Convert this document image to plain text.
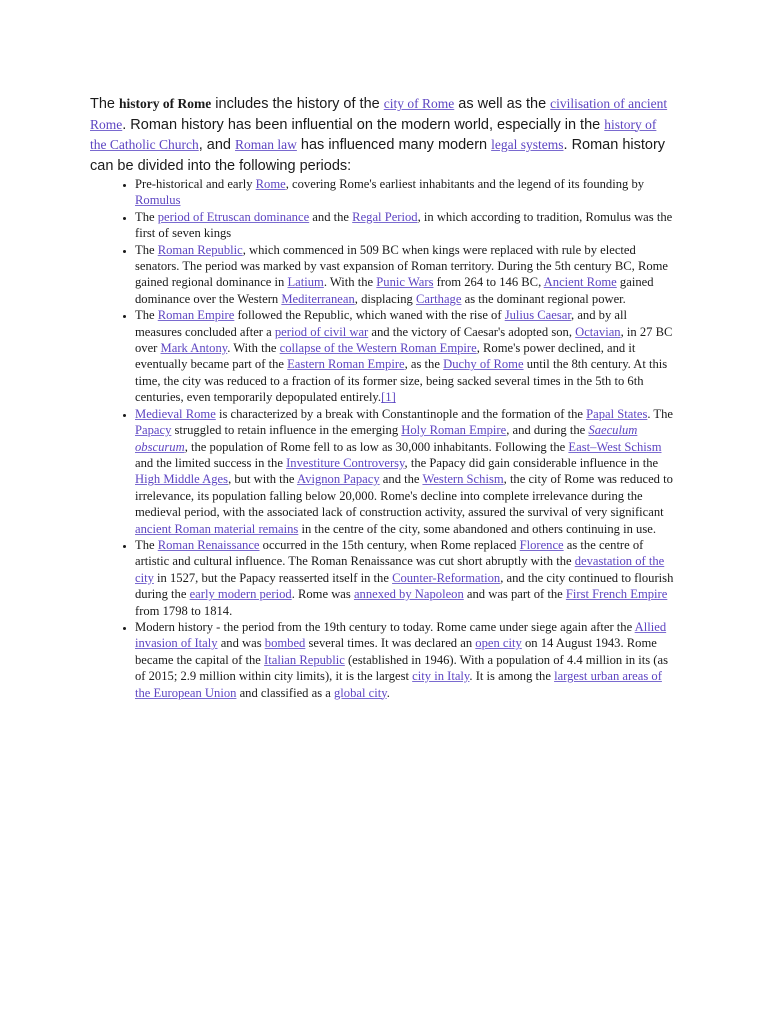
The history of Rome includes the history of the city of Rome as well as the civilisation of ancient Rome. Roman history has been influential on the modern world, especially in the history of the Catholic Church, and Roman law has influenced many modern legal systems. Roman history can be divided into the following periods:

• Pre-historical and early Rome, covering Rome's earliest inhabitants and the legend of its founding by Romulus
• The period of Etruscan dominance and the Regal Period, in which according to tradition, Romulus was the first of seven kings
• The Roman Republic, which commenced in 509 BC when kings were replaced with rule by elected senators. The period was marked by vast expansion of Roman territory. During the 5th century BC, Rome gained regional dominance in Latium. With the Punic Wars from 264 to 146 BC, Ancient Rome gained dominance over the Western Mediterranean, displacing Carthage as the dominant regional power.
• The Roman Empire followed the Republic, which waned with the rise of Julius Caesar, and by all measures concluded after a period of civil war and the victory of Caesar's adopted son, Octavian, in 27 BC over Mark Antony. With the collapse of the Western Roman Empire, Rome's power declined, and it eventually became part of the Eastern Roman Empire, as the Duchy of Rome until the 8th century. At this time, the city was reduced to a fraction of its former size, being sacked several times in the 5th to 6th centuries, even temporarily depopulated entirely.[1]
• Medieval Rome is characterized by a break with Constantinople and the formation of the Papal States. The Papacy struggled to retain influence in the emerging Holy Roman Empire, and during the Saeculum obscurum, the population of Rome fell to as low as 30,000 inhabitants. Following the East–West Schism and the limited success in the Investiture Controversy, the Papacy did gain considerable influence in the High Middle Ages, but with the Avignon Papacy and the Western Schism, the city of Rome was reduced to irrelevance, its population falling below 20,000. Rome's decline into complete irrelevance during the medieval period, with the associated lack of construction activity, assured the survival of very significant ancient Roman material remains in the centre of the city, some abandoned and others continuing in use.
• The Roman Renaissance occurred in the 15th century, when Rome replaced Florence as the centre of artistic and cultural influence. The Roman Renaissance was cut short abruptly with the devastation of the city in 1527, but the Papacy reasserted itself in the Counter-Reformation, and the city continued to flourish during the early modern period. Rome was annexed by Napoleon and was part of the First French Empire from 1798 to 1814.
• Modern history - the period from the 19th century to today. Rome came under siege again after the Allied invasion of Italy and was bombed several times. It was declared an open city on 14 August 1943. Rome became the capital of the Italian Republic (established in 1946). With a population of 4.4 million in its (as of 2015; 2.9 million within city limits), it is the largest city in Italy. It is among the largest urban areas of the European Union and classified as a global city.
